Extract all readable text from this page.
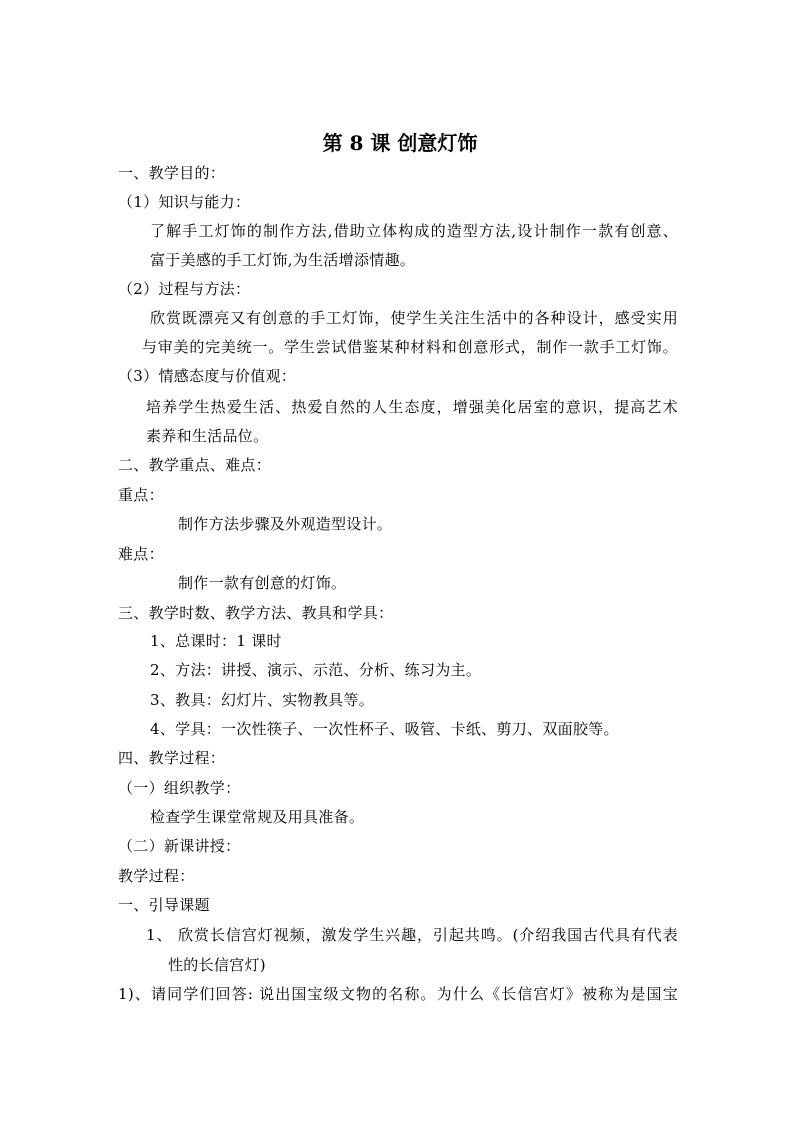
第 8 课 创意灯饰
一、教学目的：
（1）知识与能力：
了解手工灯饰的制作方法,借助立体构成的造型方法,设计制作一款有创意、
富于美感的手工灯饰,为生活增添情趣。
（2）过程与方法：
欣赏既漂亮又有创意的手工灯饰，使学生关注生活中的各种设计，感受实用
与审美的完美统一。学生尝试借鉴某种材料和创意形式，制作一款手工灯饰。
（3）情感态度与价值观：
培养学生热爱生活、热爱自然的人生态度，增强美化居室的意识，提高艺术
素养和生活品位。
二、教学重点、难点：
重点：
制作方法步骤及外观造型设计。
难点：
制作一款有创意的灯饰。
三、教学时数、教学方法、教具和学具：
1、总课时：1 课时
2、方法：讲授、演示、示范、分析、练习为主。
3、教具：幻灯片、实物教具等。
4、学具：一次性筷子、一次性杯子、吸管、卡纸、剪刀、双面胶等。
四、教学过程：
（一）组织教学：
检查学生课堂常规及用具准备。
（二）新课讲授：
教学过程：
一、引导课题
1、 欣赏长信宫灯视频，激发学生兴趣，引起共鸣。(介绍我国古代具有代表
性的长信宫灯)
1)、请同学们回答: 说出国宝级文物的名称。为什么《长信宫灯》被称为是国宝
